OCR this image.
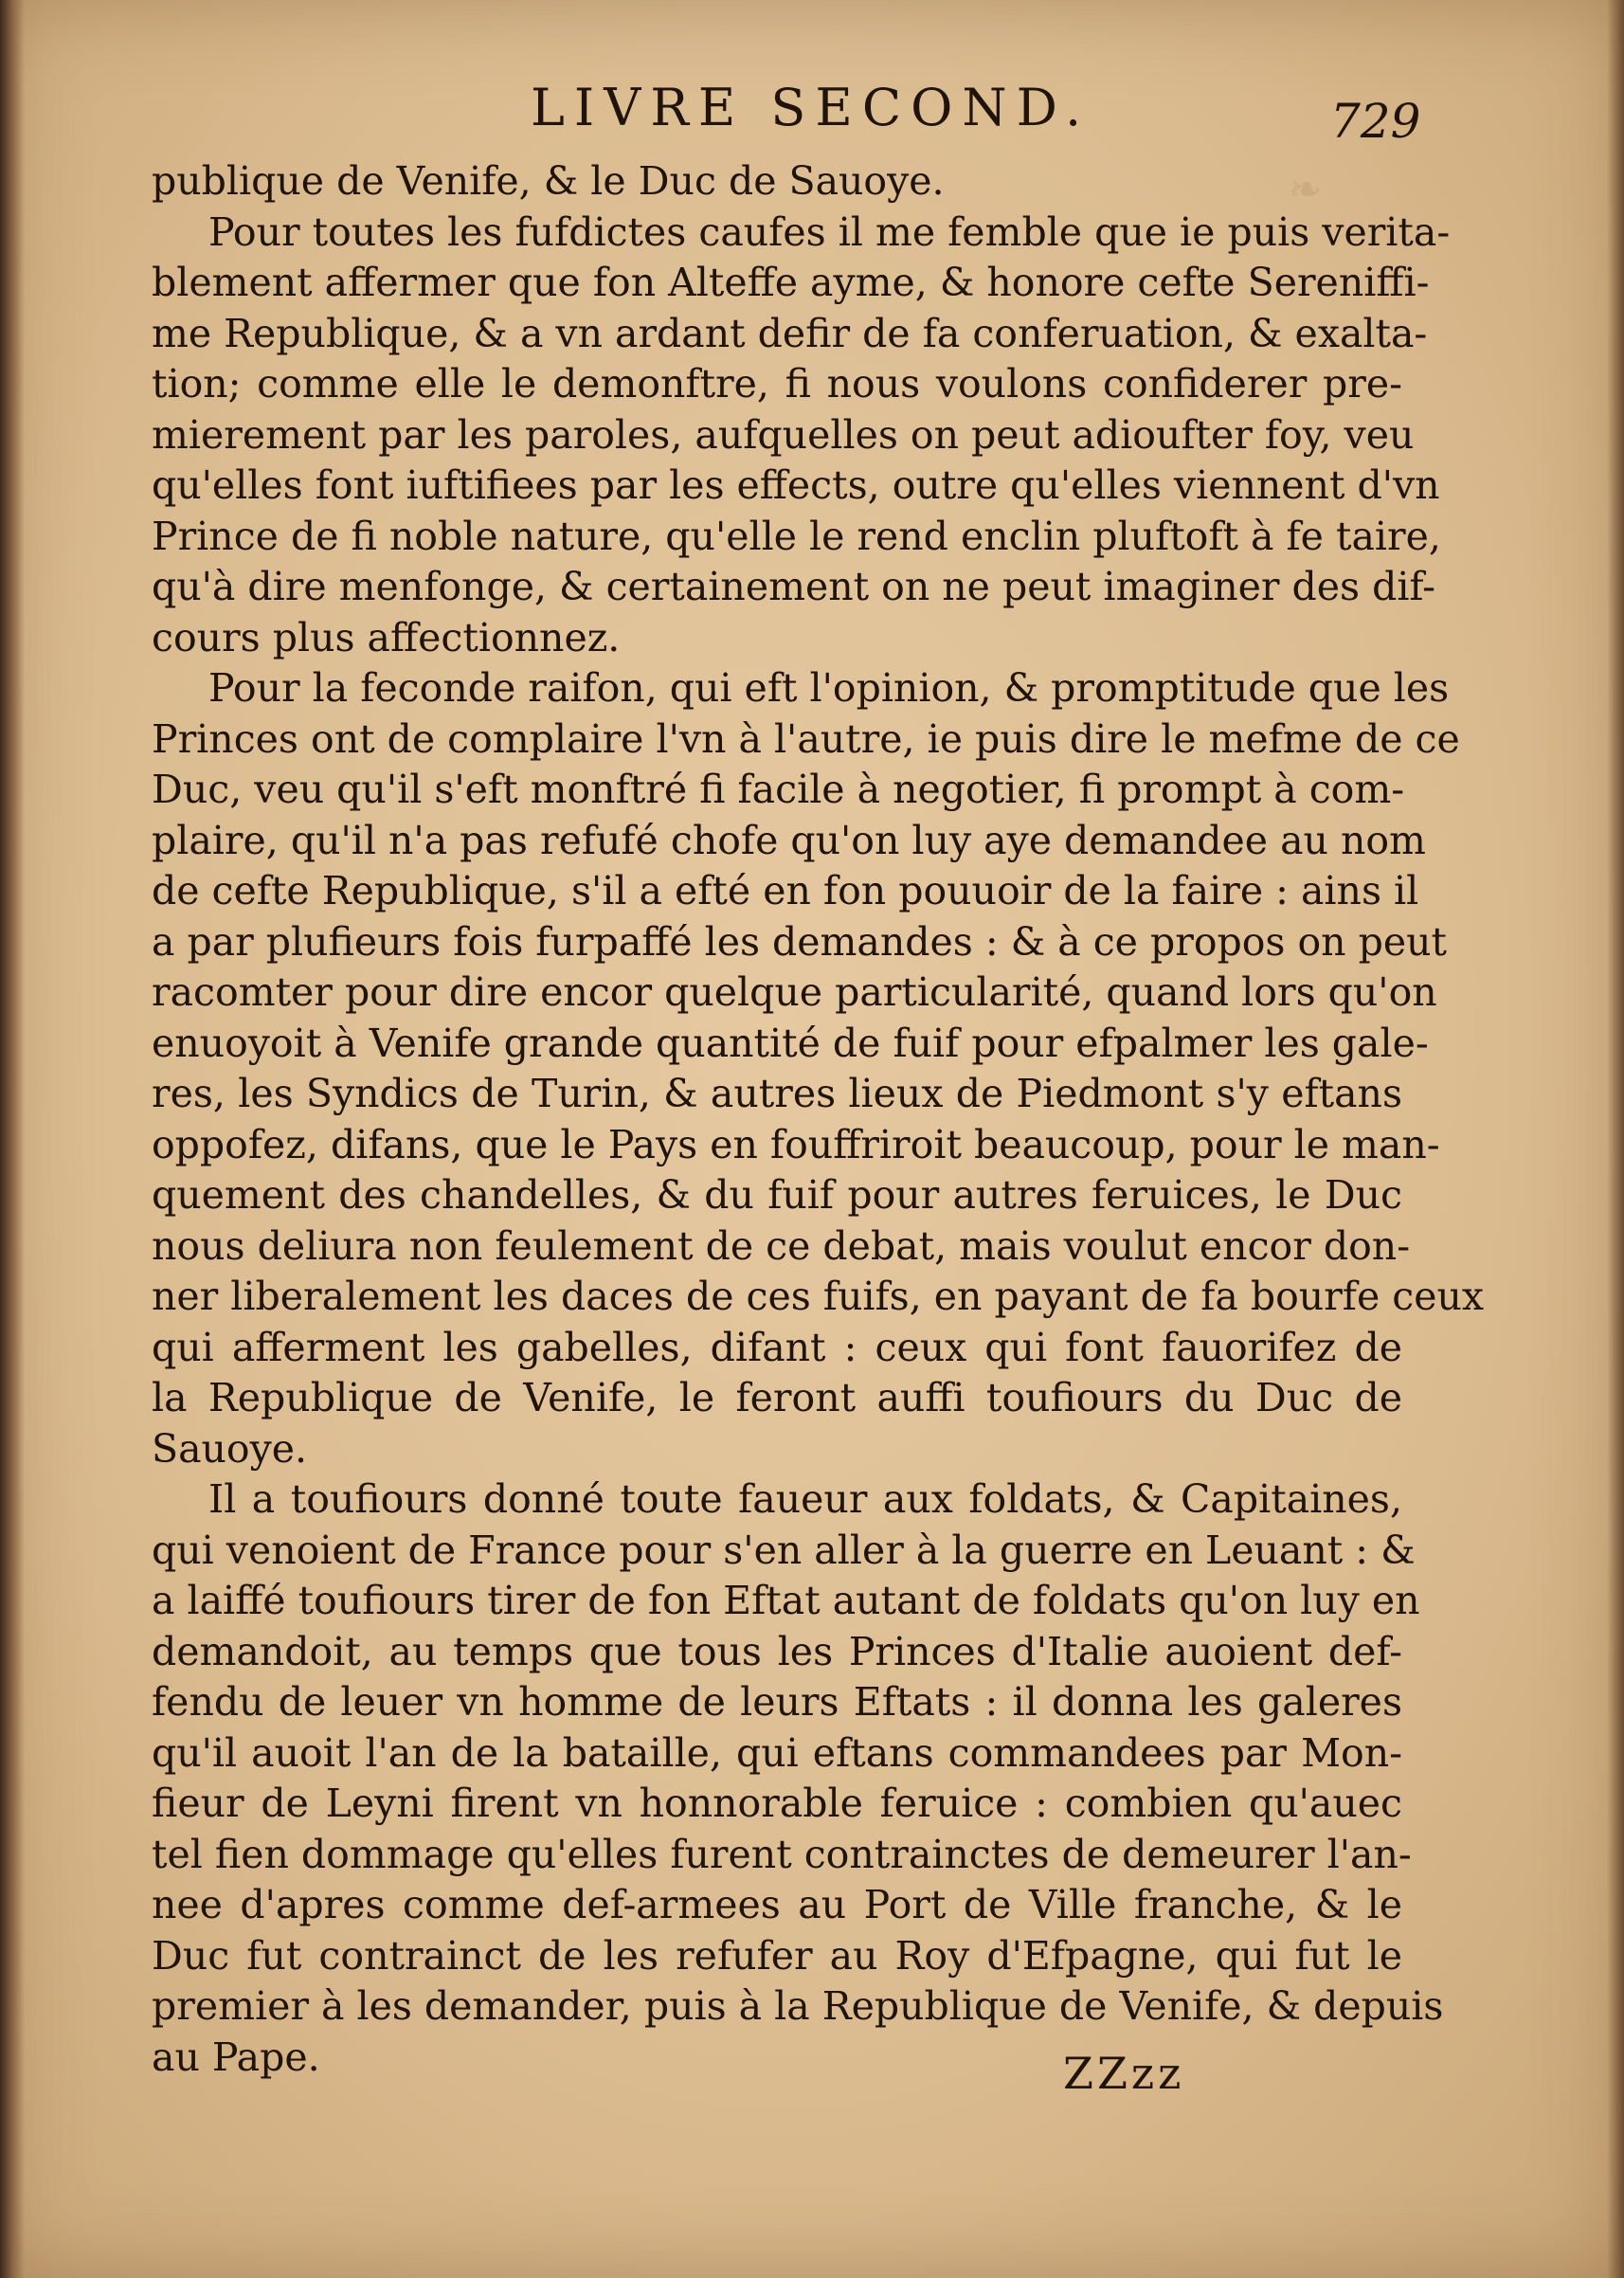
❧
LIVRE SECOND.	729
publique de Venife, & le Duc de Sauoye.
Pour toutes les fufdictes caufes il me femble que ie puis verita-
blement affermer que fon Alteffe ayme, & honore cefte Sereniffi-
me Republique, & a vn ardant defir de fa conferuation, & exalta-
tion; comme elle le demonftre, fi nous voulons confiderer pre-
mierement par les paroles, aufquelles on peut adioufter foy, veu
qu'elles font iuftifiees par les effects, outre qu'elles viennent d'vn
Prince de fi noble nature, qu'elle le rend enclin pluftoft à fe taire,
qu'à dire menfonge, & certainement on ne peut imaginer des dif-
cours plus affectionnez.
Pour la feconde raifon, qui eft l'opinion, & promptitude que les
Princes ont de complaire l'vn à l'autre, ie puis dire le mefme de ce
Duc, veu qu'il s'eft monftré fi facile à negotier, fi prompt à com-
plaire, qu'il n'a pas refufé chofe qu'on luy aye demandee au nom
de cefte Republique, s'il a efté en fon pouuoir de la faire : ains il
a par plufieurs fois furpaffé les demandes : & à ce propos on peut
racomter pour dire encor quelque particularité, quand lors qu'on
enuoyoit à Venife grande quantité de fuif pour efpalmer les gale-
res, les Syndics de Turin, & autres lieux de Piedmont s'y eftans
oppofez, difans, que le Pays en fouffriroit beaucoup, pour le man-
quement des chandelles, & du fuif pour autres feruices, le Duc
nous deliura non feulement de ce debat, mais voulut encor don-
ner liberalement les daces de ces fuifs, en payant de fa bourfe ceux
qui afferment les gabelles, difant : ceux qui font fauorifez de
la Republique de Venife, le feront auffi toufiours du Duc de
Sauoye.
Il a toufiours donné toute faueur aux foldats, & Capitaines,
qui venoient de France pour s'en aller à la guerre en Leuant : &
a laiffé toufiours tirer de fon Eftat autant de foldats qu'on luy en
demandoit, au temps que tous les Princes d'Italie auoient def-
fendu de leuer vn homme de leurs Eftats : il donna les galeres
qu'il auoit l'an de la bataille, qui eftans commandees par Mon-
fieur de Leyni firent vn honnorable feruice : combien qu'auec
tel fien dommage qu'elles furent contrainctes de demeurer l'an-
nee d'apres comme def-armees au Port de Ville franche, & le
Duc fut contrainct de les refufer au Roy d'Efpagne, qui fut le
premier à les demander, puis à la Republique de Venife, & depuis
au Pape.	ZZzz
